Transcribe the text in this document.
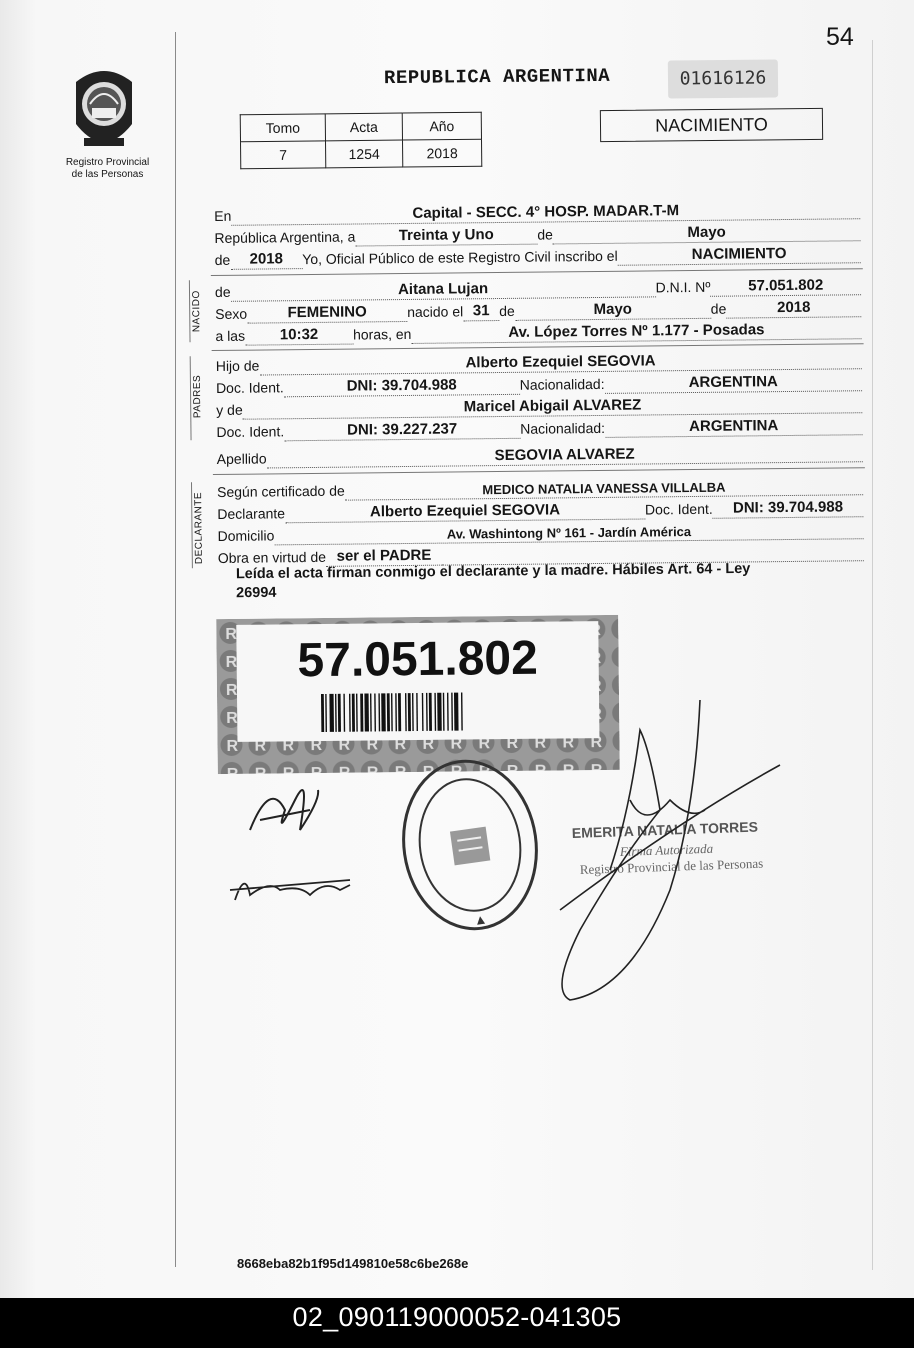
54
Registro Provincial
de las Personas
REPUBLICA ARGENTINA	01616126
Tomo	Acta	Año
7	1254	2018
NACIMIENTO
En	Capital - SECC. 4° HOSP. MADAR.T-M
República Argentina, a	Treinta y Uno	de	Mayo
de	2018	Yo, Oficial Público de este Registro Civil inscribo el	NACIMIENTO
NACIDO de	Aitana Lujan	D.N.I. Nº	57.051.802
Sexo	FEMENINO	nacido el 31 de	Mayo	de	2018
a las	10:32	horas, en	Av. López Torres Nº 1.177 - Posadas
PADRES
Hijo de	Alberto Ezequiel SEGOVIA
Doc. Ident.	DNI: 39.704.988	Nacionalidad:	ARGENTINA
y de	Maricel Abigail ALVAREZ
Doc. Ident.	DNI: 39.227.237	Nacionalidad:	ARGENTINA
Apellido	SEGOVIA ALVAREZ
DECLARANTE
Según certificado de	MEDICO NATALIA VANESSA VILLALBA
Declarante	Alberto Ezequiel SEGOVIA	Doc. Ident.	DNI: 39.704.988
Domicilio	Av. Washintong Nº 161 - Jardín América
Obra en virtud de ser el PADRE
Leída el acta firman conmigo el declarante y la madre. Hábiles Art. 64 - Ley
26994
57.051.802
EMERITA NATALIA TORRES
Firma Autorizada
Registro Provincial de las Personas
8668eba82b1f95d149810e58c6be268e
02_090119000052-041305
